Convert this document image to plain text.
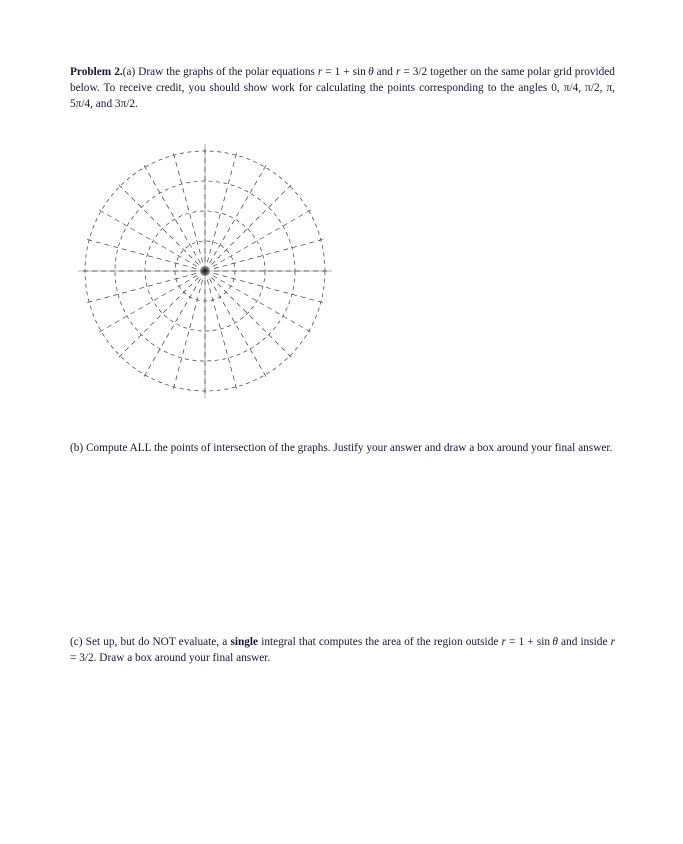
Problem 2.(a) Draw the graphs of the polar equations r = 1 + sin θ and r = 3/2 together on the same polar grid provided below. To receive credit, you should show work for calculating the points corresponding to the angles 0, π/4, π/2, π, 5π/4, and 3π/2.
(b) Compute ALL the points of intersection of the graphs. Justify your answer and draw a box around your final answer.
(c) Set up, but do NOT evaluate, a single integral that computes the area of the region outside r = 1 + sin θ and inside r = 3/2. Draw a box around your final answer.
